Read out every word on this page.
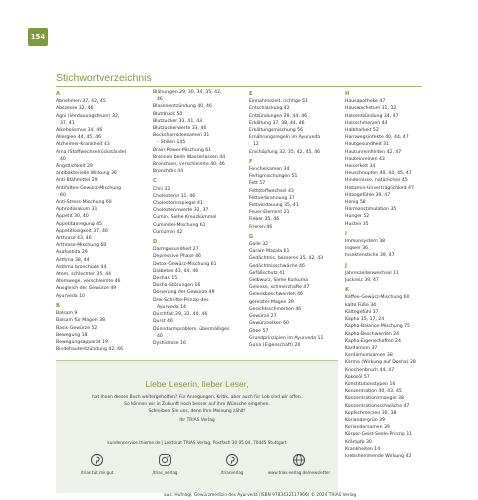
154
Stichwortverzeichnis

A

Abnehmen 37, 42, 45

Abszesse 32, 46

Agni (Verdauungsfeuer) 32,

37, 41

Alkoholismus 34, 46

Allergien 44, 45, 46

Alzheimer-Krankheit 43

Ama (Stoffwechselrückstände)

40

Ängstlichkeit 29

antibakterielle Wirkung 36

Anti-Blähmittel 29

Antifalten-Gewürz-Mischung

60

Anti-Stress-Mischung 60

Aphrodisiakum 31

Appetit 30, 40

Appetitanregung 45

Appetitlosigkeit 37, 46

Arthrose 43, 46

Arthrose-Mischung 60

Asafoetida 29

Asthma 38, 44

Asthma bronchiale 44

Atem, schlechter 35, 44

Atemwege, verschleimte 46

Ausgleich der Gewürze 49

Ayurveda 10

B

Balsam 9

Balsam für Magen 38

Basis-Gewürze 52

Bewegung 18

Bewegungsapparat 19

Bindehautentzündung 42, 46

Blähungen 29, 30, 34, 35, 42,

46

Blasenentzündung 40, 46

Blutdruck 50

Blutzucker 31, 41, 43

Blutzuckerwerte 33, 46

Bockshornkleesamen 31

– Stillen 145

Brain-Power-Mischung 61

Brennen beim Wasserlassen 44

Bronchien, verschleimte 40, 46

Bronchitis 44

C

Chili 32

Cholesterin 31, 46

Cholesterinspiegel 41

Cholesterinwerte 32, 37

Cumin, Siehe Kreuzkümmel

Cumindel-Mischung 61

Curcumin 42

D

Darmgesundheit 27

Depressive Phase 46

Detox-Gewürz-Mischung 61

Diabetes 43, 44, 46

Doshas 15

Dosha-Störungen 16

Dosierung der Gewürze 49

Drei-Schritte-Prinzip des

Ayurveda 14

Durchfall 29, 32, 40, 46

Durst 46

Dünndarmproblem, übermäßiges

40

Dyshidrose 16

E

Einnahmezeit, richtige 51

Entschlackung 42

Entzündungen 29, 44, 46

Erkältung 37, 38, 44, 46

Erkältungsmischung 56

Ernährungsregeln im Ayurveda

12

Erschöpfung 32, 35, 42, 45, 46

F

Fenchelsamen 34

Fertigmischungen 51

Fett 57

Fettstoffwechsel 43

Fettverbrennung 37

Fettverdauung 35, 41

Feuer-Element 21

Fieber 35, 46

Frieren 46

G

Galle 32

Garam Masala 61

Gedächtnis, besseres 35, 42, 43

Gedächtnisschwäche 46

Gefäßschutz 41

Gelbwurz, Siehe Kurkuma

Gelenke, schmerzhafte 47

Gelenkbeschwerden 46

gereizter Magen 39

Gesichtsschmerzen 46

Gewürze 27

Gewürznelken 60

Ghee 57

Grundprinzipien im Ayurveda 11

Guna (Eigenschaft) 20

H

Hausapotheke 47

Hauswachstum 31, 32

Halsentzündung 34, 47

Halsschmerzen 44

Halbharkeit 52

Harnwegsinfekte 40, 44, 47

Hautgesundheit 31

Hautunreinheiten 42, 47

Hauteinreinen 43

Heiserkeit 34

Heuschnupfen 40, 44, 45, 47

Hindernisse, natürliches 45

Histamin-Unverträglichkeit 47

Hitzegefühle 39, 47

Honig 58

Hormonstimulation 35

Hunger 52

Husten 35

I

Immunsystem 38

Ingwer 36

Insektenstiche 39, 47

J

Jahreszeitenwechsel 11

Juckreiz 39, 47

K

Kaffee-Gewürz-Mischung 60

kalte Füße 34

Kältegefühl 37

Kapha 15, 17, 24

Kapha-Balance-Mischung 75

Kapha-Beschwerden 24

Kapha-Eigenschaften 24

Kardamom 37

Kardamomsamen 38

Karma (Wirkung auf Dosha) 28

Knochenbruch 44, 47

Kokosöl 57

Konstitutionstypen 16

Konzentration 40, 43, 45

Konzentrationsmangel 38

Konzentrationsschwäche 47

Kopfschmerzen 30, 38

Koriandergrün 39

Koriandersamen 39

Körper-Geist-Seele-Prinzip 11

Krämpfe 30

Krankheiten 14

krebshemmende Wirkung 42

Liebe Leserin, lieber Leser,

hat Ihnen dieses Buch weitergeholfen? Für Anregungen, Kritik, aber auch für Lob sind wir offen.

So können wir in Zukunft noch besser auf Ihre Wünsche eingehen.

Schreiben Sie uns, denn Ihre Meinung zählt!

Ihr TRIAS Verlag

kundenservice.thieme.de | Lektorat TRIAS Verlag, Postfach 30 05 04, 70445 Stuttgart
/trias.tut.mir.gut	/trias_verlag	/triasverlag	www.trias-verlag.de/newsletter
aus: Hufnagl, Gewürzmedizin des Ayurveda (ISBN 9783432117966) © 2024 TRIAS Verlag
